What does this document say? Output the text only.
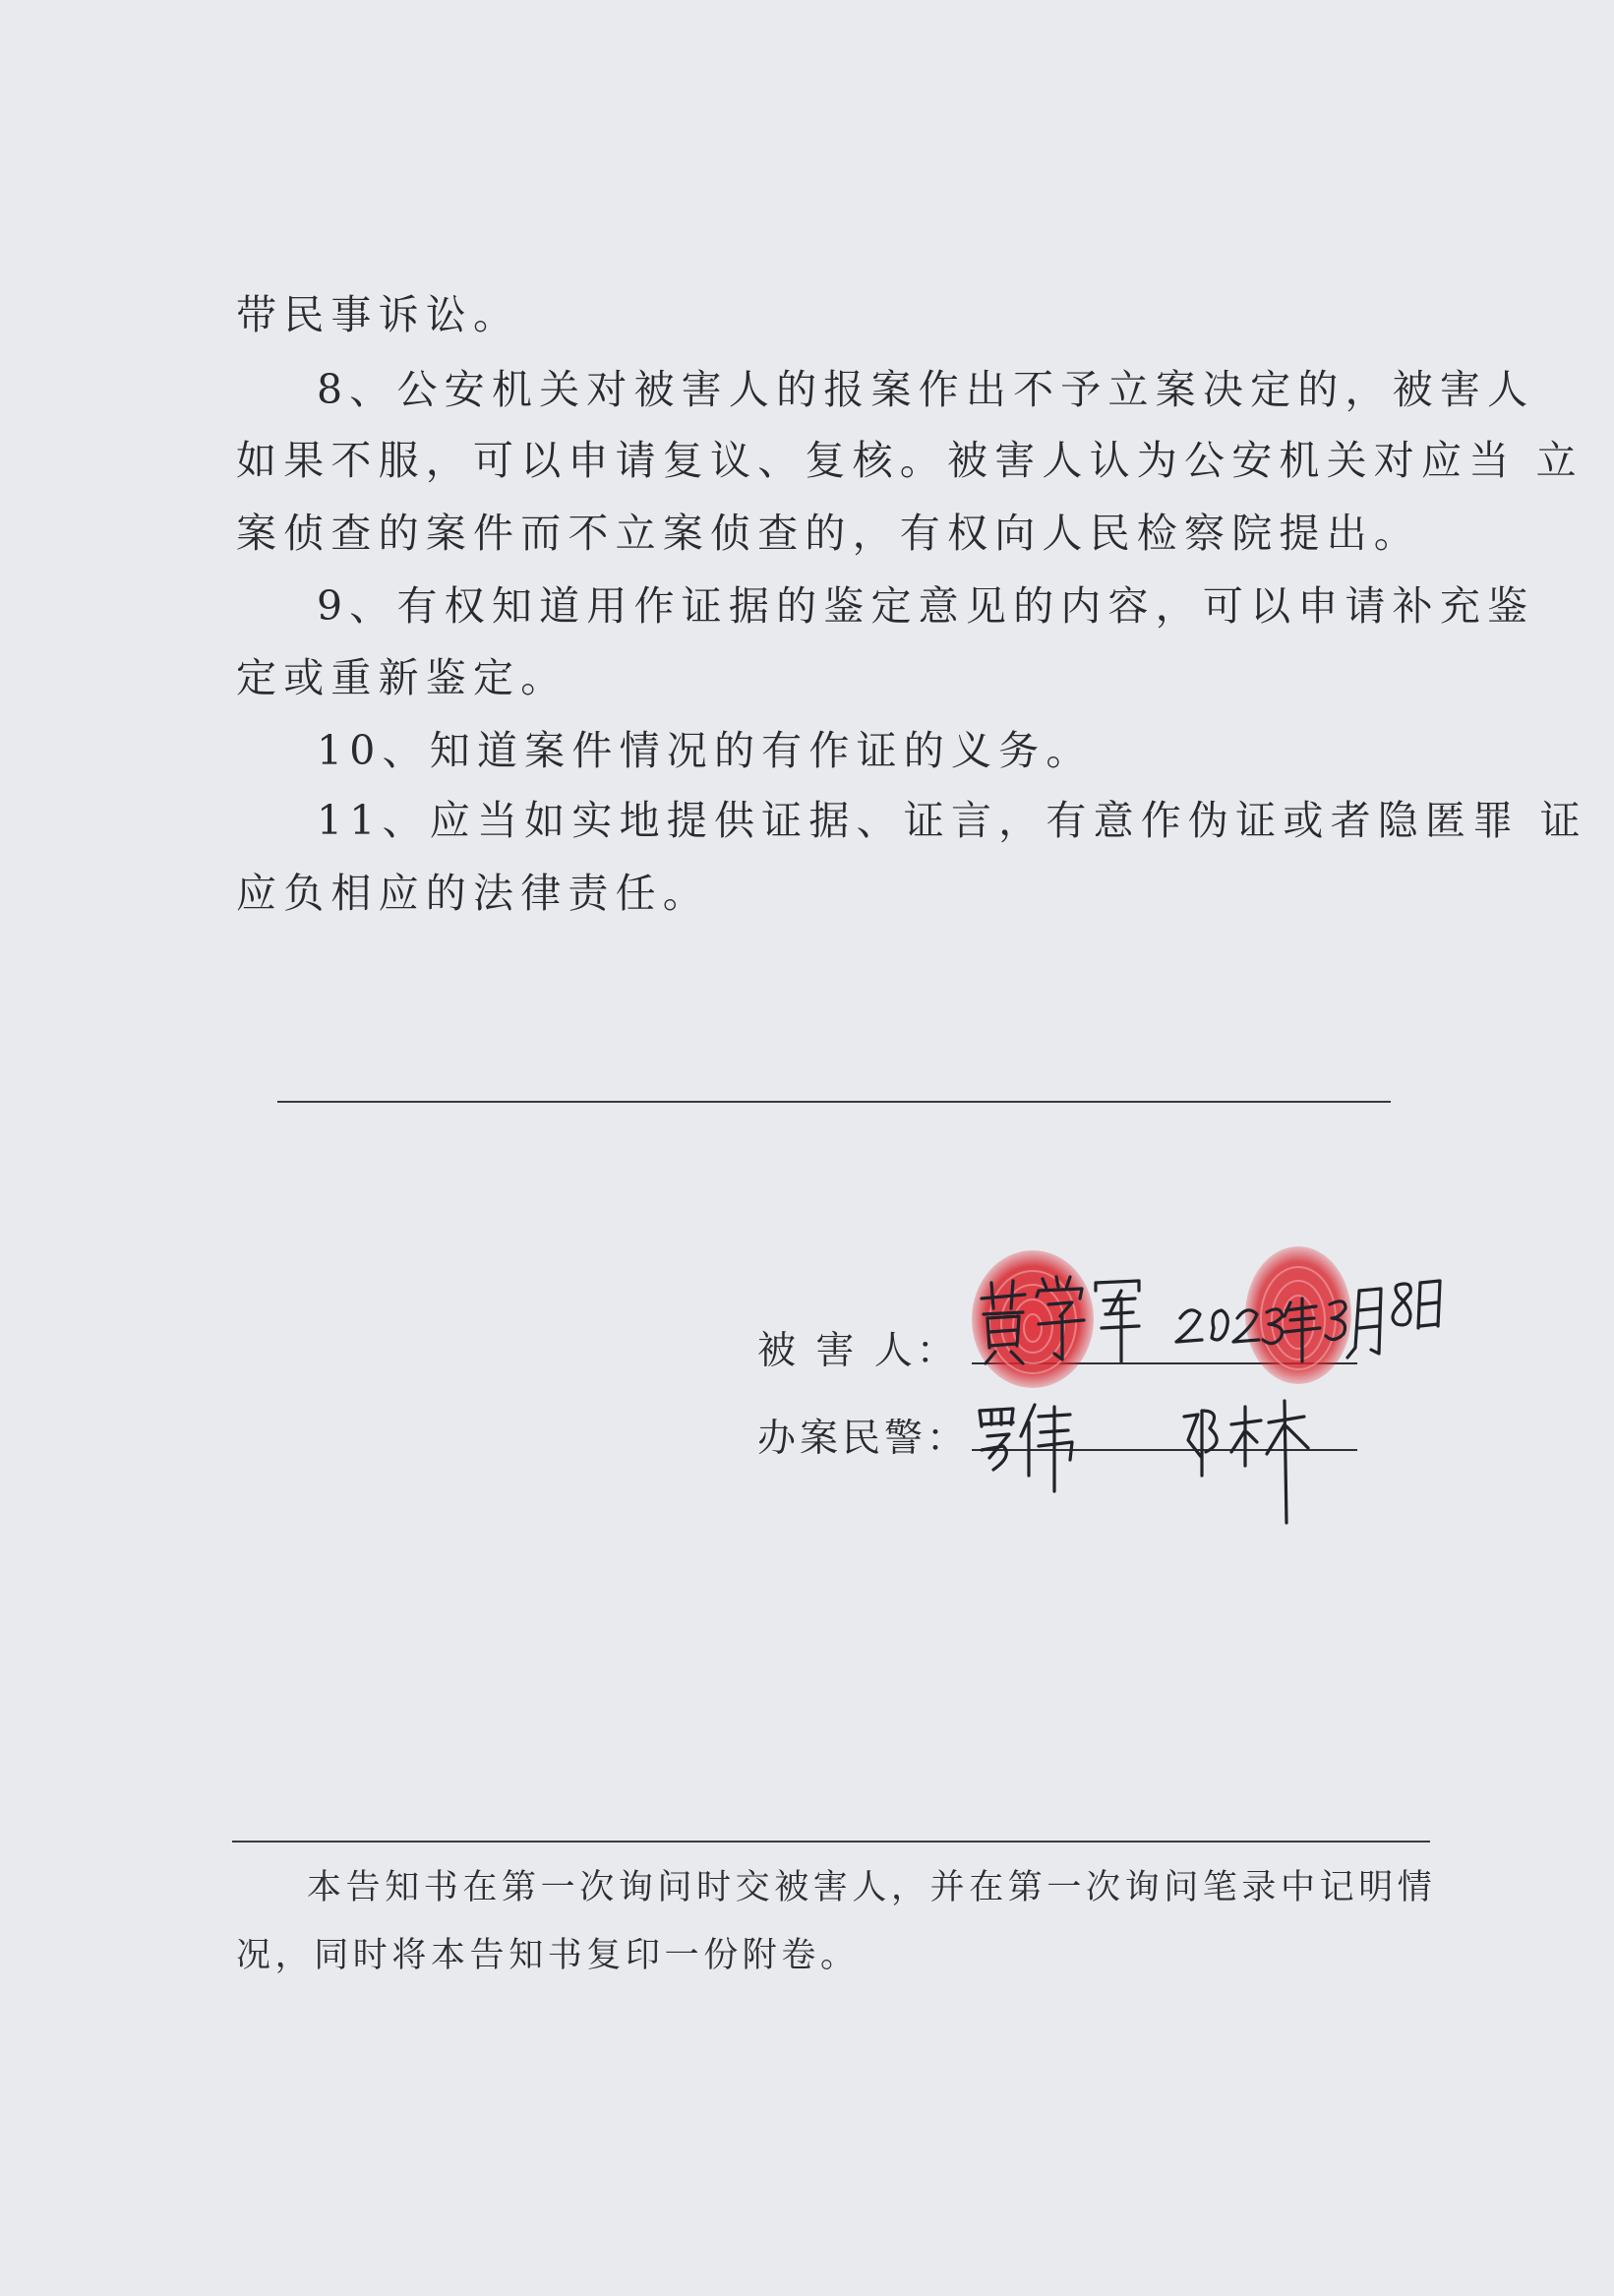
带民事诉讼。
8、公安机关对被害人的报案作出不予立案决定的，被害人
如果不服，可以申请复议、复核。被害人认为公安机关对应当 立
案侦查的案件而不立案侦查的，有权向人民检察院提出。
9、有权知道用作证据的鉴定意见的内容，可以申请补充鉴
定或重新鉴定。
10、知道案件情况的有作证的义务。
11、应当如实地提供证据、证言，有意作伪证或者隐匿罪 证
应负相应的法律责任。
被 害 人：
办案民警：
本告知书在第一次询问时交被害人，并在第一次询问笔录中记明情
况，同时将本告知书复印一份附卷。
